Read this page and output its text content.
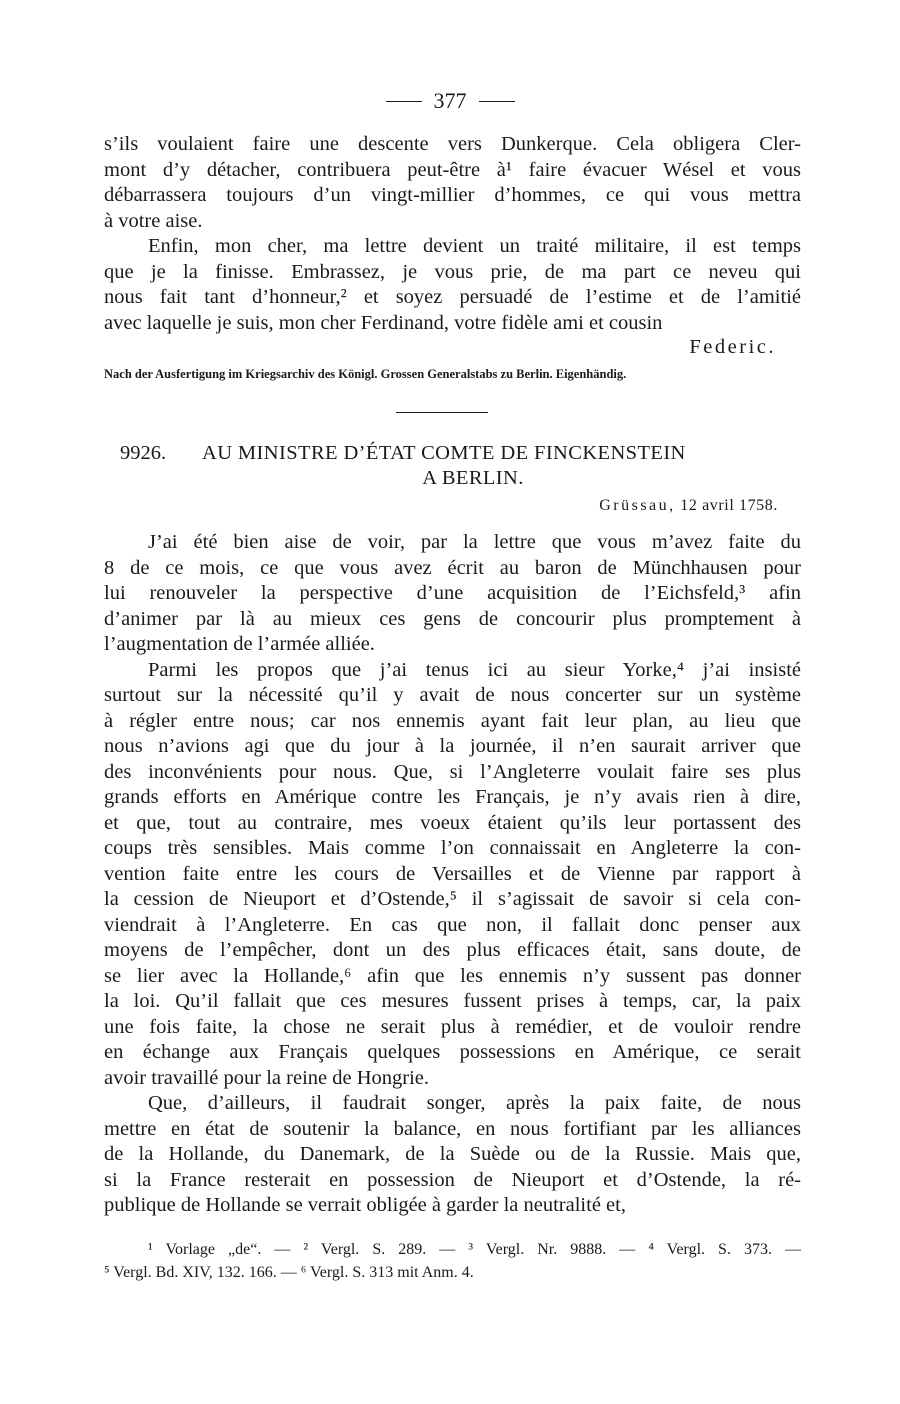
377
s’ils voulaient faire une descente vers Dunkerque. Cela obligera Cler-
mont d’y détacher, contribuera peut-être à¹ faire évacuer Wésel et vous
débarrassera toujours d’un vingt-millier d’hommes, ce qui vous mettra
à votre aise.
Enfin, mon cher, ma lettre devient un traité militaire, il est temps
que je la finisse. Embrassez, je vous prie, de ma part ce neveu qui
nous fait tant d’honneur,² et soyez persuadé de l’estime et de l’amitié
avec laquelle je suis, mon cher Ferdinand, votre fidèle ami et cousin
Federic.
Nach der Ausfertigung im Kriegsarchiv des Königl. Grossen Generalstabs zu Berlin. Eigenhändig.
9926. AU MINISTRE D’ÉTAT COMTE DE FINCKENSTEIN
A BERLIN.
Grüssau, 12 avril 1758.
J’ai été bien aise de voir, par la lettre que vous m’avez faite du
8 de ce mois, ce que vous avez écrit au baron de Münchhausen pour
lui renouveler la perspective d’une acquisition de l’Eichsfeld,³ afin
d’animer par là au mieux ces gens de concourir plus promptement à
l’augmentation de l’armée alliée.
Parmi les propos que j’ai tenus ici au sieur Yorke,⁴ j’ai insisté
surtout sur la nécessité qu’il y avait de nous concerter sur un système
à régler entre nous; car nos ennemis ayant fait leur plan, au lieu que
nous n’avions agi que du jour à la journée, il n’en saurait arriver que
des inconvénients pour nous. Que, si l’Angleterre voulait faire ses plus
grands efforts en Amérique contre les Français, je n’y avais rien à dire,
et que, tout au contraire, mes voeux étaient qu’ils leur portassent des
coups très sensibles. Mais comme l’on connaissait en Angleterre la con-
vention faite entre les cours de Versailles et de Vienne par rapport à
la cession de Nieuport et d’Ostende,⁵ il s’agissait de savoir si cela con-
viendrait à l’Angleterre. En cas que non, il fallait donc penser aux
moyens de l’empêcher, dont un des plus efficaces était, sans doute, de
se lier avec la Hollande,⁶ afin que les ennemis n’y sussent pas donner
la loi. Qu’il fallait que ces mesures fussent prises à temps, car, la paix
une fois faite, la chose ne serait plus à remédier, et de vouloir rendre
en échange aux Français quelques possessions en Amérique, ce serait
avoir travaillé pour la reine de Hongrie.
Que, d’ailleurs, il faudrait songer, après la paix faite, de nous
mettre en état de soutenir la balance, en nous fortifiant par les alliances
de la Hollande, du Danemark, de la Suède ou de la Russie. Mais que,
si la France resterait en possession de Nieuport et d’Ostende, la ré-
publique de Hollande se verrait obligée à garder la neutralité et,
¹ Vorlage „de“. — ² Vergl. S. 289. — ³ Vergl. Nr. 9888. — ⁴ Vergl. S. 373. —
⁵ Vergl. Bd. XIV, 132. 166. — ⁶ Vergl. S. 313 mit Anm. 4.
